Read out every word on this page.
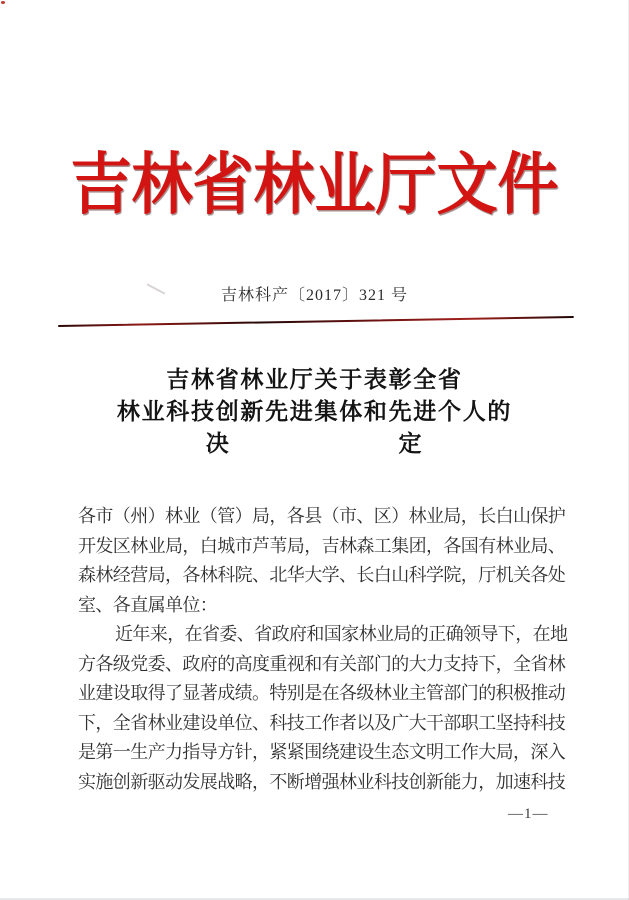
吉林省林业厅文件
吉林科产〔2017〕321 号
吉林省林业厅关于表彰全省
林业科技创新先进集体和先进个人的
决	定
各市（州）林业（管）局，各县（市、区）林业局，长白山保护
开发区林业局，白城市芦苇局，吉林森工集团，各国有林业局、
森林经营局，各林科院、北华大学、长白山科学院，厅机关各处
室、各直属单位：
近年来，在省委、省政府和国家林业局的正确领导下，在地
方各级党委、政府的高度重视和有关部门的大力支持下，全省林
业建设取得了显著成绩。特别是在各级林业主管部门的积极推动
下，全省林业建设单位、科技工作者以及广大干部职工坚持科技
是第一生产力指导方针，紧紧围绕建设生态文明工作大局，深入
实施创新驱动发展战略，不断增强林业科技创新能力，加速科技
—1—
